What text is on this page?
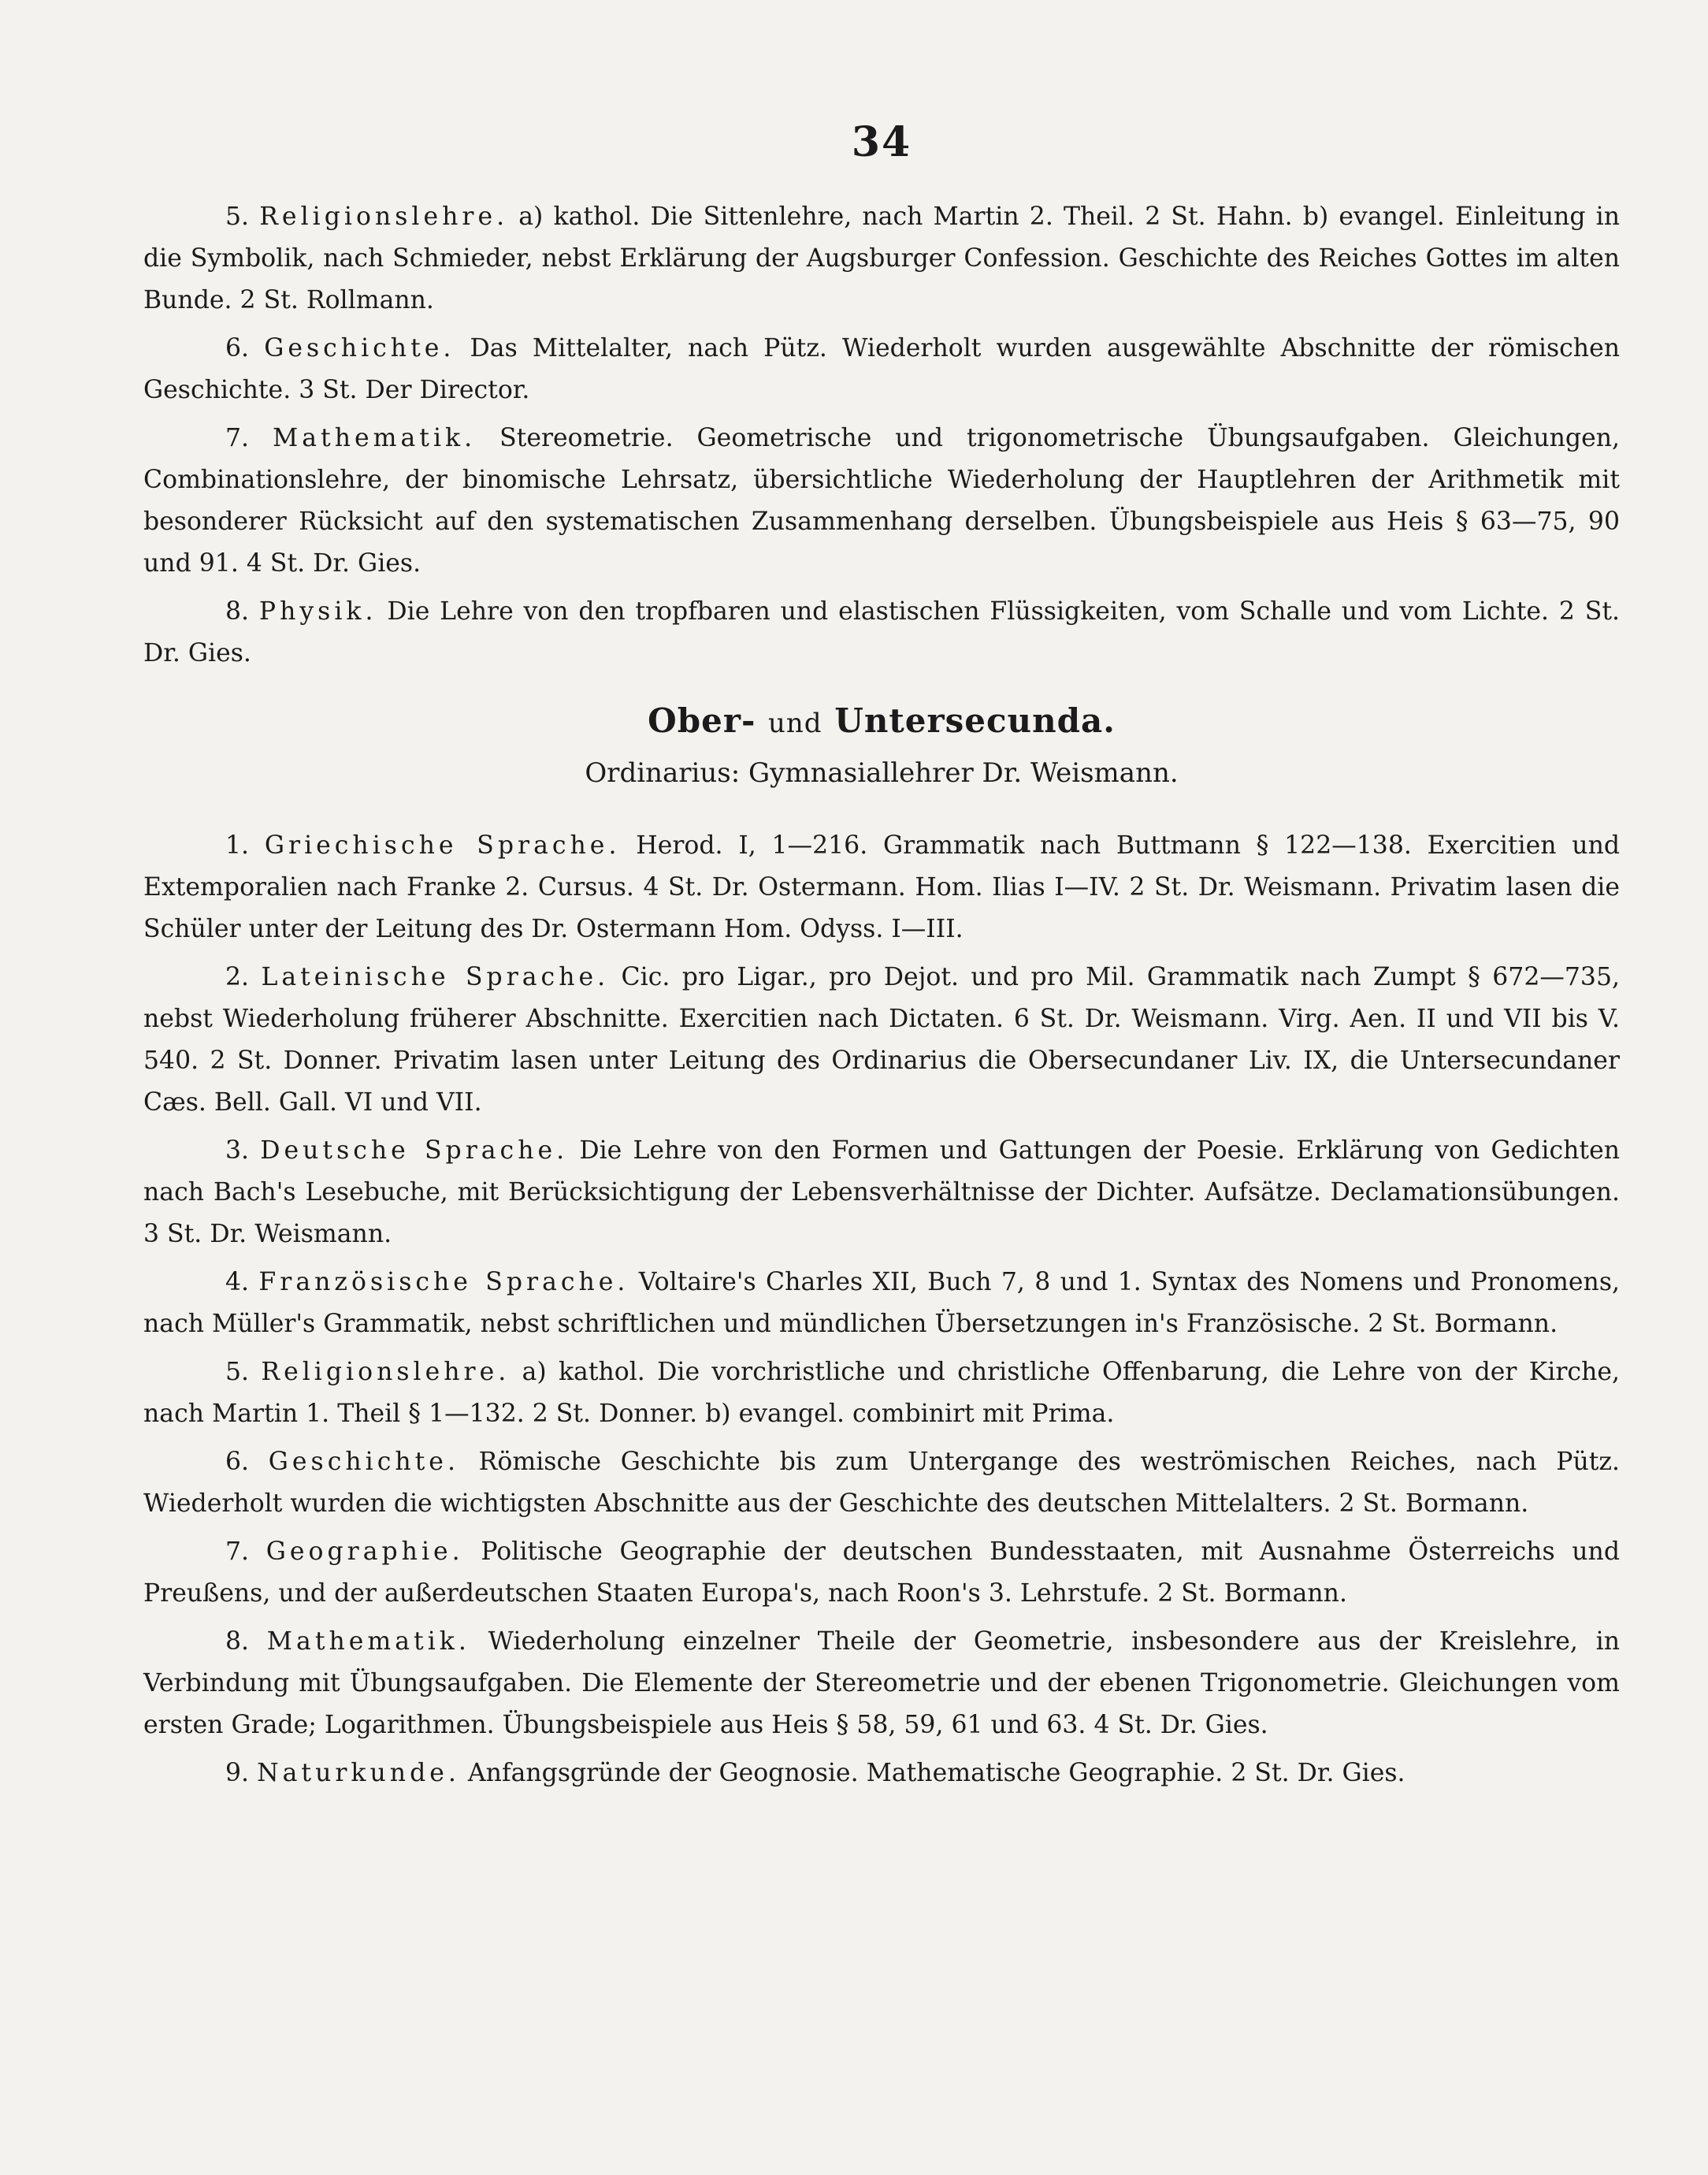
34

5. Religionslehre. a) kathol. Die Sittenlehre, nach Martin 2. Theil. 2 St. Hahn. b) evangel. Einleitung in die Symbolik, nach Schmieder, nebst Erklärung der Augsburger Confession. Geschichte des Reiches Gottes im alten Bunde. 2 St. Rollmann.

6. Geschichte. Das Mittelalter, nach Pütz. Wiederholt wurden ausgewählte Abschnitte der römischen Geschichte. 3 St. Der Director.

7. Mathematik. Stereometrie. Geometrische und trigonometrische Übungsaufgaben. Gleichungen, Combinationslehre, der binomische Lehrsatz, übersichtliche Wiederholung der Hauptlehren der Arithmetik mit besonderer Rücksicht auf den systematischen Zusammenhang derselben. Übungsbeispiele aus Heis § 63—75, 90 und 91. 4 St. Dr. Gies.

8. Physik. Die Lehre von den tropfbaren und elastischen Flüssigkeiten, vom Schalle und vom Lichte. 2 St. Dr. Gies.

Ober- und Untersecunda.
Ordinarius: Gymnasiallehrer Dr. Weismann.

1. Griechische Sprache. Herod. I, 1—216. Grammatik nach Buttmann § 122—138. Exercitien und Extemporalien nach Franke 2. Cursus. 4 St. Dr. Ostermann. Hom. Ilias I—IV. 2 St. Dr. Weismann. Privatim lasen die Schüler unter der Leitung des Dr. Ostermann Hom. Odyss. I—III.

2. Lateinische Sprache. Cic. pro Ligar., pro Dejot. und pro Mil. Grammatik nach Zumpt § 672—735, nebst Wiederholung früherer Abschnitte. Exercitien nach Dictaten. 6 St. Dr. Weismann. Virg. Aen. II und VII bis V. 540. 2 St. Donner. Privatim lasen unter Leitung des Ordinarius die Obersecundaner Liv. IX, die Untersecundaner Cæs. Bell. Gall. VI und VII.

3. Deutsche Sprache. Die Lehre von den Formen und Gattungen der Poesie. Erklärung von Gedichten nach Bach's Lesebuche, mit Berücksichtigung der Lebensverhältnisse der Dichter. Aufsätze. Declamationsübungen. 3 St. Dr. Weismann.

4. Französische Sprache. Voltaire's Charles XII, Buch 7, 8 und 1. Syntax des Nomens und Pronomens, nach Müller's Grammatik, nebst schriftlichen und mündlichen Übersetzungen in's Französische. 2 St. Bormann.

5. Religionslehre. a) kathol. Die vorchristliche und christliche Offenbarung, die Lehre von der Kirche, nach Martin 1. Theil § 1—132. 2 St. Donner. b) evangel. combinirt mit Prima.

6. Geschichte. Römische Geschichte bis zum Untergange des weströmischen Reiches, nach Pütz. Wiederholt wurden die wichtigsten Abschnitte aus der Geschichte des deutschen Mittelalters. 2 St. Bormann.

7. Geographie. Politische Geographie der deutschen Bundesstaaten, mit Ausnahme Österreichs und Preußens, und der außerdeutschen Staaten Europa's, nach Roon's 3. Lehrstufe. 2 St. Bormann.

8. Mathematik. Wiederholung einzelner Theile der Geometrie, insbesondere aus der Kreislehre, in Verbindung mit Übungsaufgaben. Die Elemente der Stereometrie und der ebenen Trigonometrie. Gleichungen vom ersten Grade; Logarithmen. Übungsbeispiele aus Heis § 58, 59, 61 und 63. 4 St. Dr. Gies.

9. Naturkunde. Anfangsgründe der Geognosie. Mathematische Geographie. 2 St. Dr. Gies.
